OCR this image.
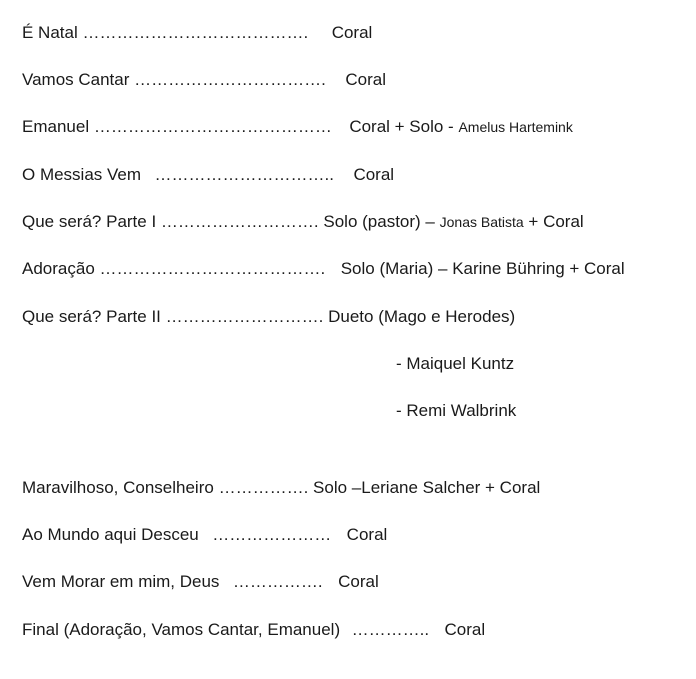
É Natal …………………………………. Coral
Vamos Cantar ……………………………. Coral
Emanuel …………………………………… Coral + Solo - Amelus Hartemink
O Messias Vem ………………………….. Coral
Que será? Parte I ………………………. Solo (pastor) – Jonas Batista + Coral
Adoração …………………………………. Solo (Maria) – Karine Bühring + Coral
Que será? Parte II ………………………. Dueto (Mago e Herodes)
- Maiquel Kuntz
- Remi Walbrink
Maravilhoso, Conselheiro ……………. Solo –Leriane Salcher + Coral
Ao Mundo aqui Desceu ………………… Coral
Vem Morar em mim, Deus ……………. Coral
Final (Adoração, Vamos Cantar, Emanuel) ………….. Coral
